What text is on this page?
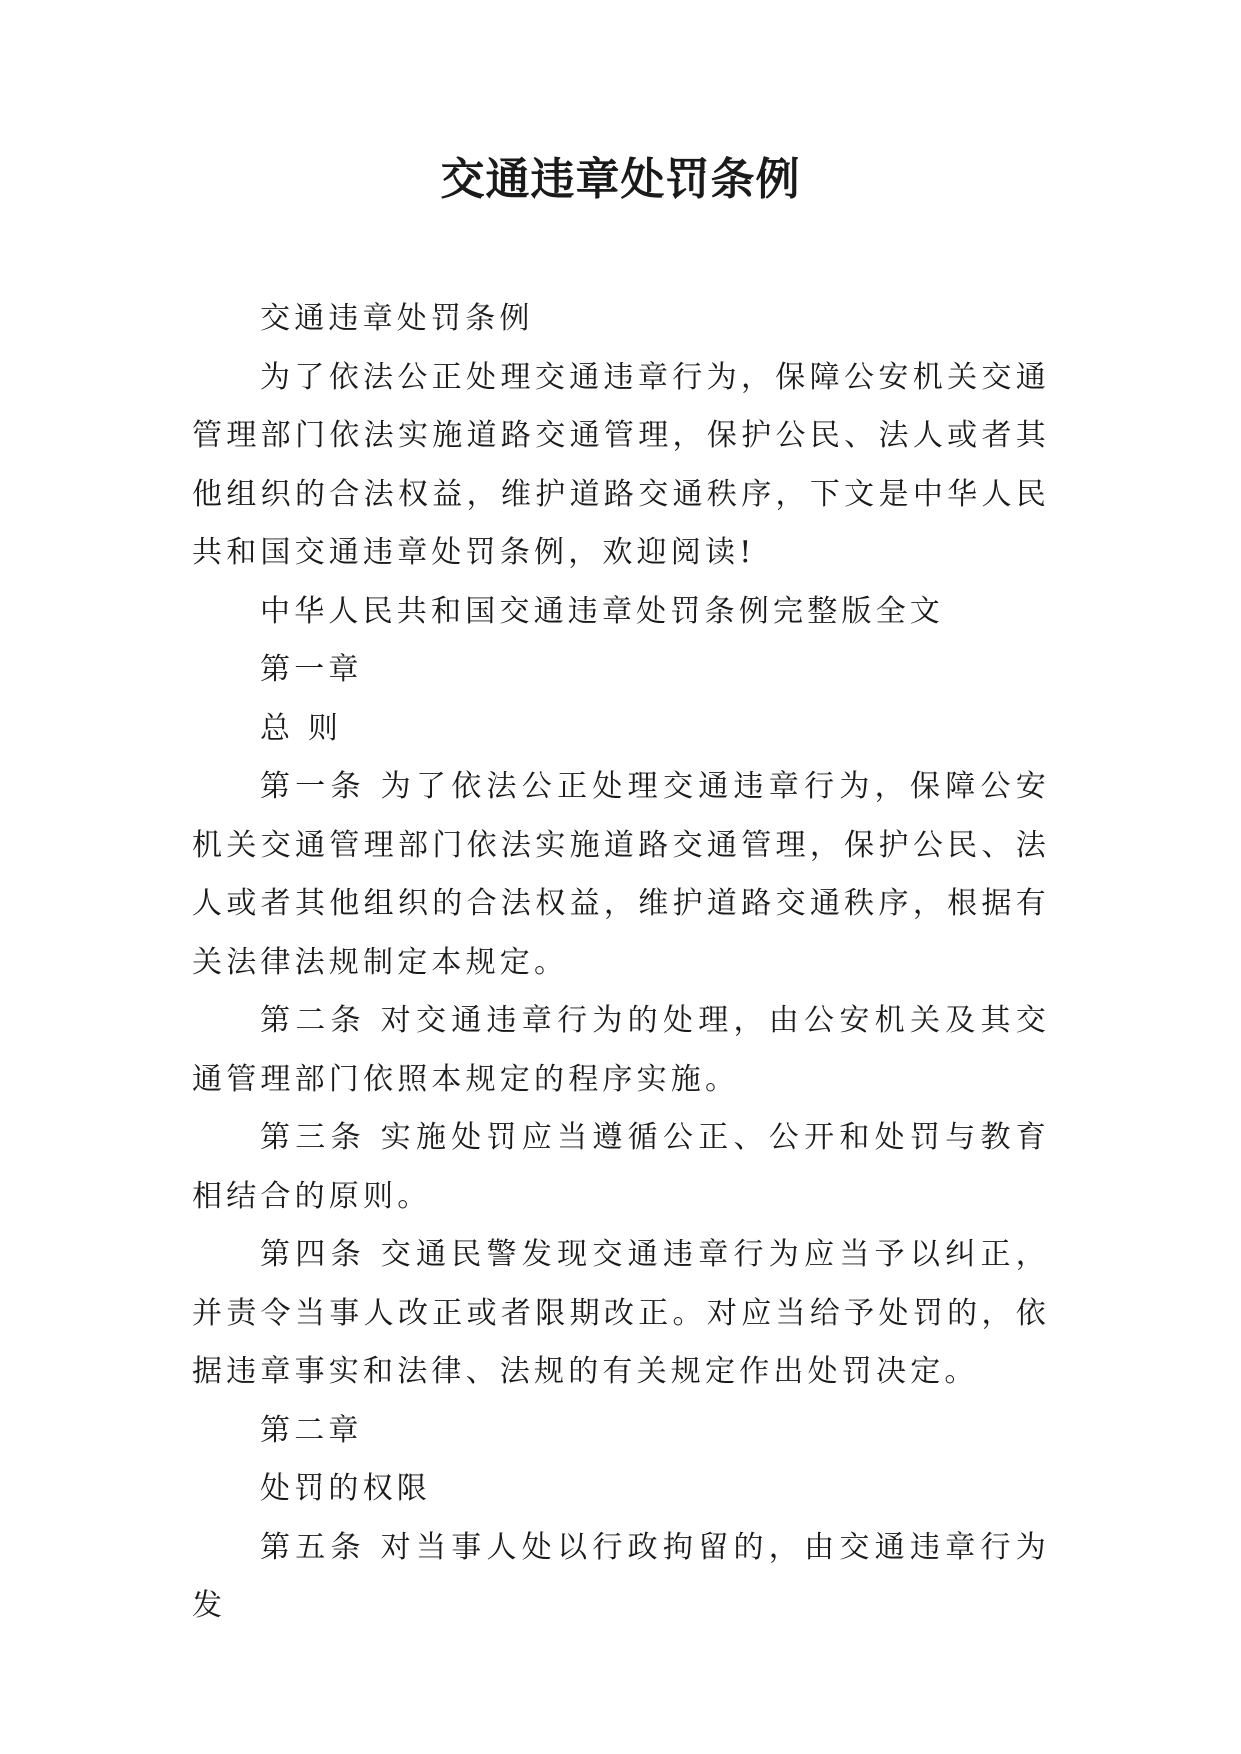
交通违章处罚条例

交通违章处罚条例

为了依法公正处理交通违章行为，保障公安机关交通管理部门依法实施道路交通管理，保护公民、法人或者其他组织的合法权益，维护道路交通秩序，下文是中华人民共和国交通违章处罚条例，欢迎阅读!

中华人民共和国交通违章处罚条例完整版全文

第一章

总 则

第一条 为了依法公正处理交通违章行为，保障公安机关交通管理部门依法实施道路交通管理，保护公民、法人或者其他组织的合法权益，维护道路交通秩序，根据有关法律法规制定本规定。

第二条 对交通违章行为的处理，由公安机关及其交通管理部门依照本规定的程序实施。

第三条 实施处罚应当遵循公正、公开和处罚与教育相结合的原则。

第四条 交通民警发现交通违章行为应当予以纠正，并责令当事人改正或者限期改正。对应当给予处罚的，依据违章事实和法律、法规的有关规定作出处罚决定。

第二章

处罚的权限

第五条 对当事人处以行政拘留的，由交通违章行为发
